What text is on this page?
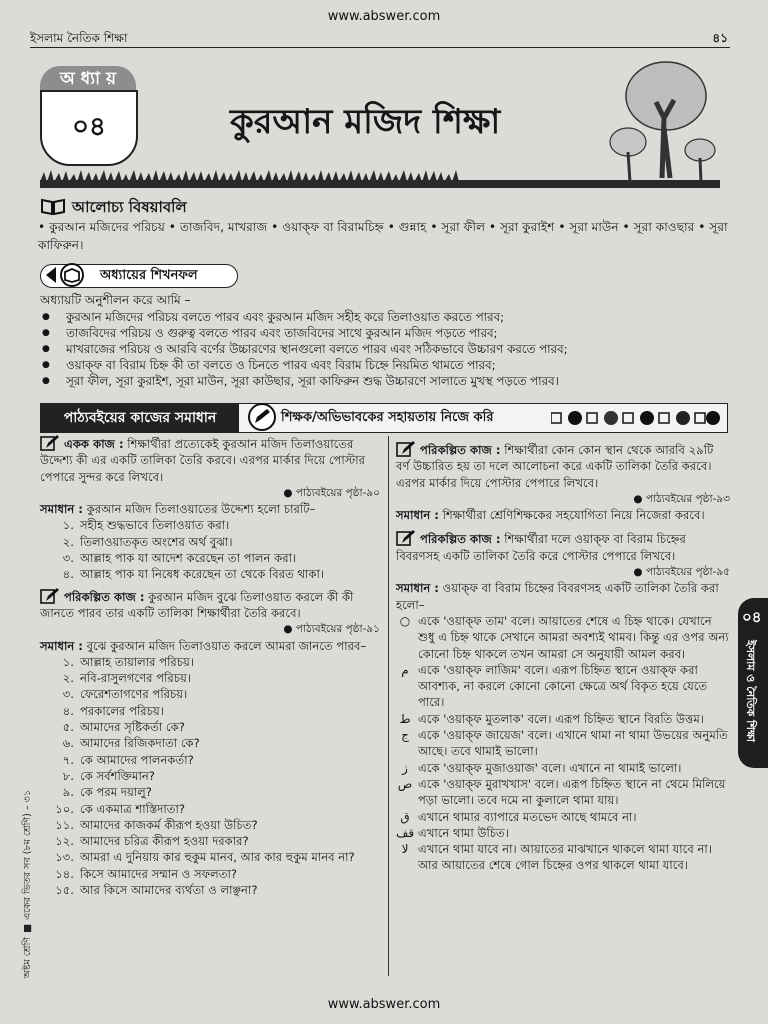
www.abswer.com
ইসলাম নৈতিক শিক্ষা	৪১
অ ধ্যা য়
০৪	কুরআন মজিদ শিক্ষা
আলোচ্য বিষয়াবলি
• কুরআন মজিদের পরিচয় • তাজবিদ, মাখরাজ • ওয়াক্‌ফ বা বিরামচিহ্ন • গুন্নাহ • সূরা ফীল • সূরা কুরাইশ • সূরা মাউন • সূরা কাওছার • সূরা কাফিরুন।
অধ্যায়ের শিখনফল
অধ্যায়টি অনুশীলন করে আমি –
● কুরআন মজিদের পরিচয় বলতে পারব এবং কুরআন মজিদ সহীহ করে তিলাওয়াত করতে পারব;
● তাজবিদের পরিচয় ও গুরুত্ব বলতে পারব এবং তাজবিদের সাথে কুরআন মজিদ পড়তে পারব;
● মাখরাজের পরিচয় ও আরবি বর্ণের উচ্চারণের স্থানগুলো বলতে পারব এবং সঠিকভাবে উচ্চারণ করতে পারব;
● ওয়াক্‌ফ বা বিরাম চিহ্ন কী তা বলতে ও চিনতে পারব এবং বিরাম চিহ্নে নিয়মিত থামতে পারব;
● সূরা ফীল, সূরা কুরাইশ, সূরা মাউন, সূরা কাউছার, সূরা কাফিরুন শুদ্ধ উচ্চারণে সালাতে মুখস্থ পড়তে পারব।
পাঠ্যবইয়ের কাজের সমাধান	শিক্ষক/অভিভাবকের সহায়তায় নিজে করি
একক কাজ : শিক্ষার্থীরা প্রত্যেকেই কুরআন মজিদ তিলাওয়াতের উদ্দেশ্য কী এর একটি তালিকা তৈরি করবে। এরপর মার্কার দিয়ে পোস্টার পেপারে সুন্দর করে লিখবে।
● পাঠ্যবইয়ের পৃষ্ঠা-৯০
সমাধান : কুরআন মজিদ তিলাওয়াতের উদ্দেশ্য হলো চারটি–
১. সহীহ শুদ্ধভাবে তিলাওয়াত করা।
২. তিলাওয়াতকৃত অংশের অর্থ বুঝা।
৩. আল্লাহ পাক যা আদেশ করেছেন তা পালন করা।
৪. আল্লাহ পাক যা নিষেধ করেছেন তা থেকে বিরত থাকা।
পরিকল্পিত কাজ : কুরআন মজিদ বুঝে তিলাওয়াত করলে কী কী জানতে পারব তার একটি তালিকা শিক্ষার্থীরা তৈরি করবে।
● পাঠ্যবইয়ের পৃষ্ঠা-৯১
সমাধান : বুঝে কুরআন মজিদ তিলাওয়াত করলে আমরা জানতে পারব–
১. আল্লাহ তায়ালার পরিচয়।
২. নবি-রাসুলগণের পরিচয়।
৩. ফেরেশতাগণের পরিচয়।
৪. পরকালের পরিচয়।
৫. আমাদের সৃষ্টিকর্তা কে?
৬. আমাদের রিজিকদাতা কে?
৭. কে আমাদের পালনকর্তা?
৮. কে সর্বশক্তিমান?
৯. কে পরম দয়ালু?
১০. কে একমাত্র শাস্তিদাতা?
১১. আমাদের কাজকর্ম কীরূপ হওয়া উচিত?
১২. আমাদের চরিত্র কীরূপ হওয়া দরকার?
১৩. আমরা এ দুনিয়ায় কার হুকুম মানব, আর কার হুকুম মানব না?
১৪. কিসে আমাদের সম্মান ও সফলতা?
১৫. আর কিসে আমাদের ব্যর্থতা ও লাঞ্ছনা?
পরিকল্পিত কাজ : শিক্ষার্থীরা কোন কোন স্থান থেকে আরবি ২৯টি বর্ণ উচ্চারিত হয় তা দলে আলোচনা করে একটি তালিকা তৈরি করবে। এরপর মার্কার দিয়ে পোস্টার পেপারে লিখবে।
● পাঠ্যবইয়ের পৃষ্ঠা-৯৩
সমাধান : শিক্ষার্থীরা শ্রেণিশিক্ষকের সহযোগিতা নিয়ে নিজেরা করবে।
পরিকল্পিত কাজ : শিক্ষার্থীরা দলে ওয়াক্‌ফ বা বিরাম চিহ্নের বিবরণসহ একটি তালিকা তৈরি করে পোস্টার পেপারে লিখবে।
● পাঠ্যবইয়ের পৃষ্ঠা-৯৫
সমাধান : ওয়াক্‌ফ বা বিরাম চিহ্নের বিবরণসহ একটি তালিকা তৈরি করা হলো–
○ একে 'ওয়াক্‌ফ তাম' বলে। আয়াতের শেষে এ চিহ্ন থাকে। যেখানে শুধু এ চিহ্ন থাকে সেখানে আমরা অবশ্যই থামব। কিন্তু এর ওপর অন্য কোনো চিহ্ন থাকলে তখন আমরা সে অনুযায়ী আমল করব।
م একে 'ওয়াক্‌ফ লাজিম' বলে। এরূপ চিহ্নিত স্থানে ওয়াক্‌ফ করা আবশ্যক, না করলে কোনো কোনো ক্ষেত্রে অর্থ বিকৃত হয়ে যেতে পারে।
ط একে 'ওয়াক্‌ফ মুতলাক' বলে। এরূপ চিহ্নিত স্থানে বিরতি উত্তম।
ج একে 'ওয়াক্‌ফ জায়েজ' বলে। এখানে থামা না থামা উভয়ের অনুমতি আছে। তবে থামাই ভালো।
ز একে 'ওয়াক্‌ফ মুজাওয়াজ' বলে। এখানে না থামাই ভালো।
ص একে 'ওয়াক্‌ফ মুরাখখাস' বলে। এরূপ চিহ্নিত স্থানে না থেমে মিলিয়ে পড়া ভালো। তবে দমে না কুলালে থামা যায়।
ق এখানে থামার ব্যাপারে মতভেদ আছে থামবে না।
قف এখানে থামা উচিত।
لا এখানে থামা যাবে না। আয়াতের মাঝখানে থাকলে থামা যাবে না। আর আয়াতের শেষে গোল চিহ্নের ওপর থাকলে থামা যাবে।
০৪
ইসলাম ও নৈতিক শিক্ষা
অষ্টম শ্রেণি ■ একের ভিতর সব (৮ম শ্রেণি) – ৩১
www.abswer.com
